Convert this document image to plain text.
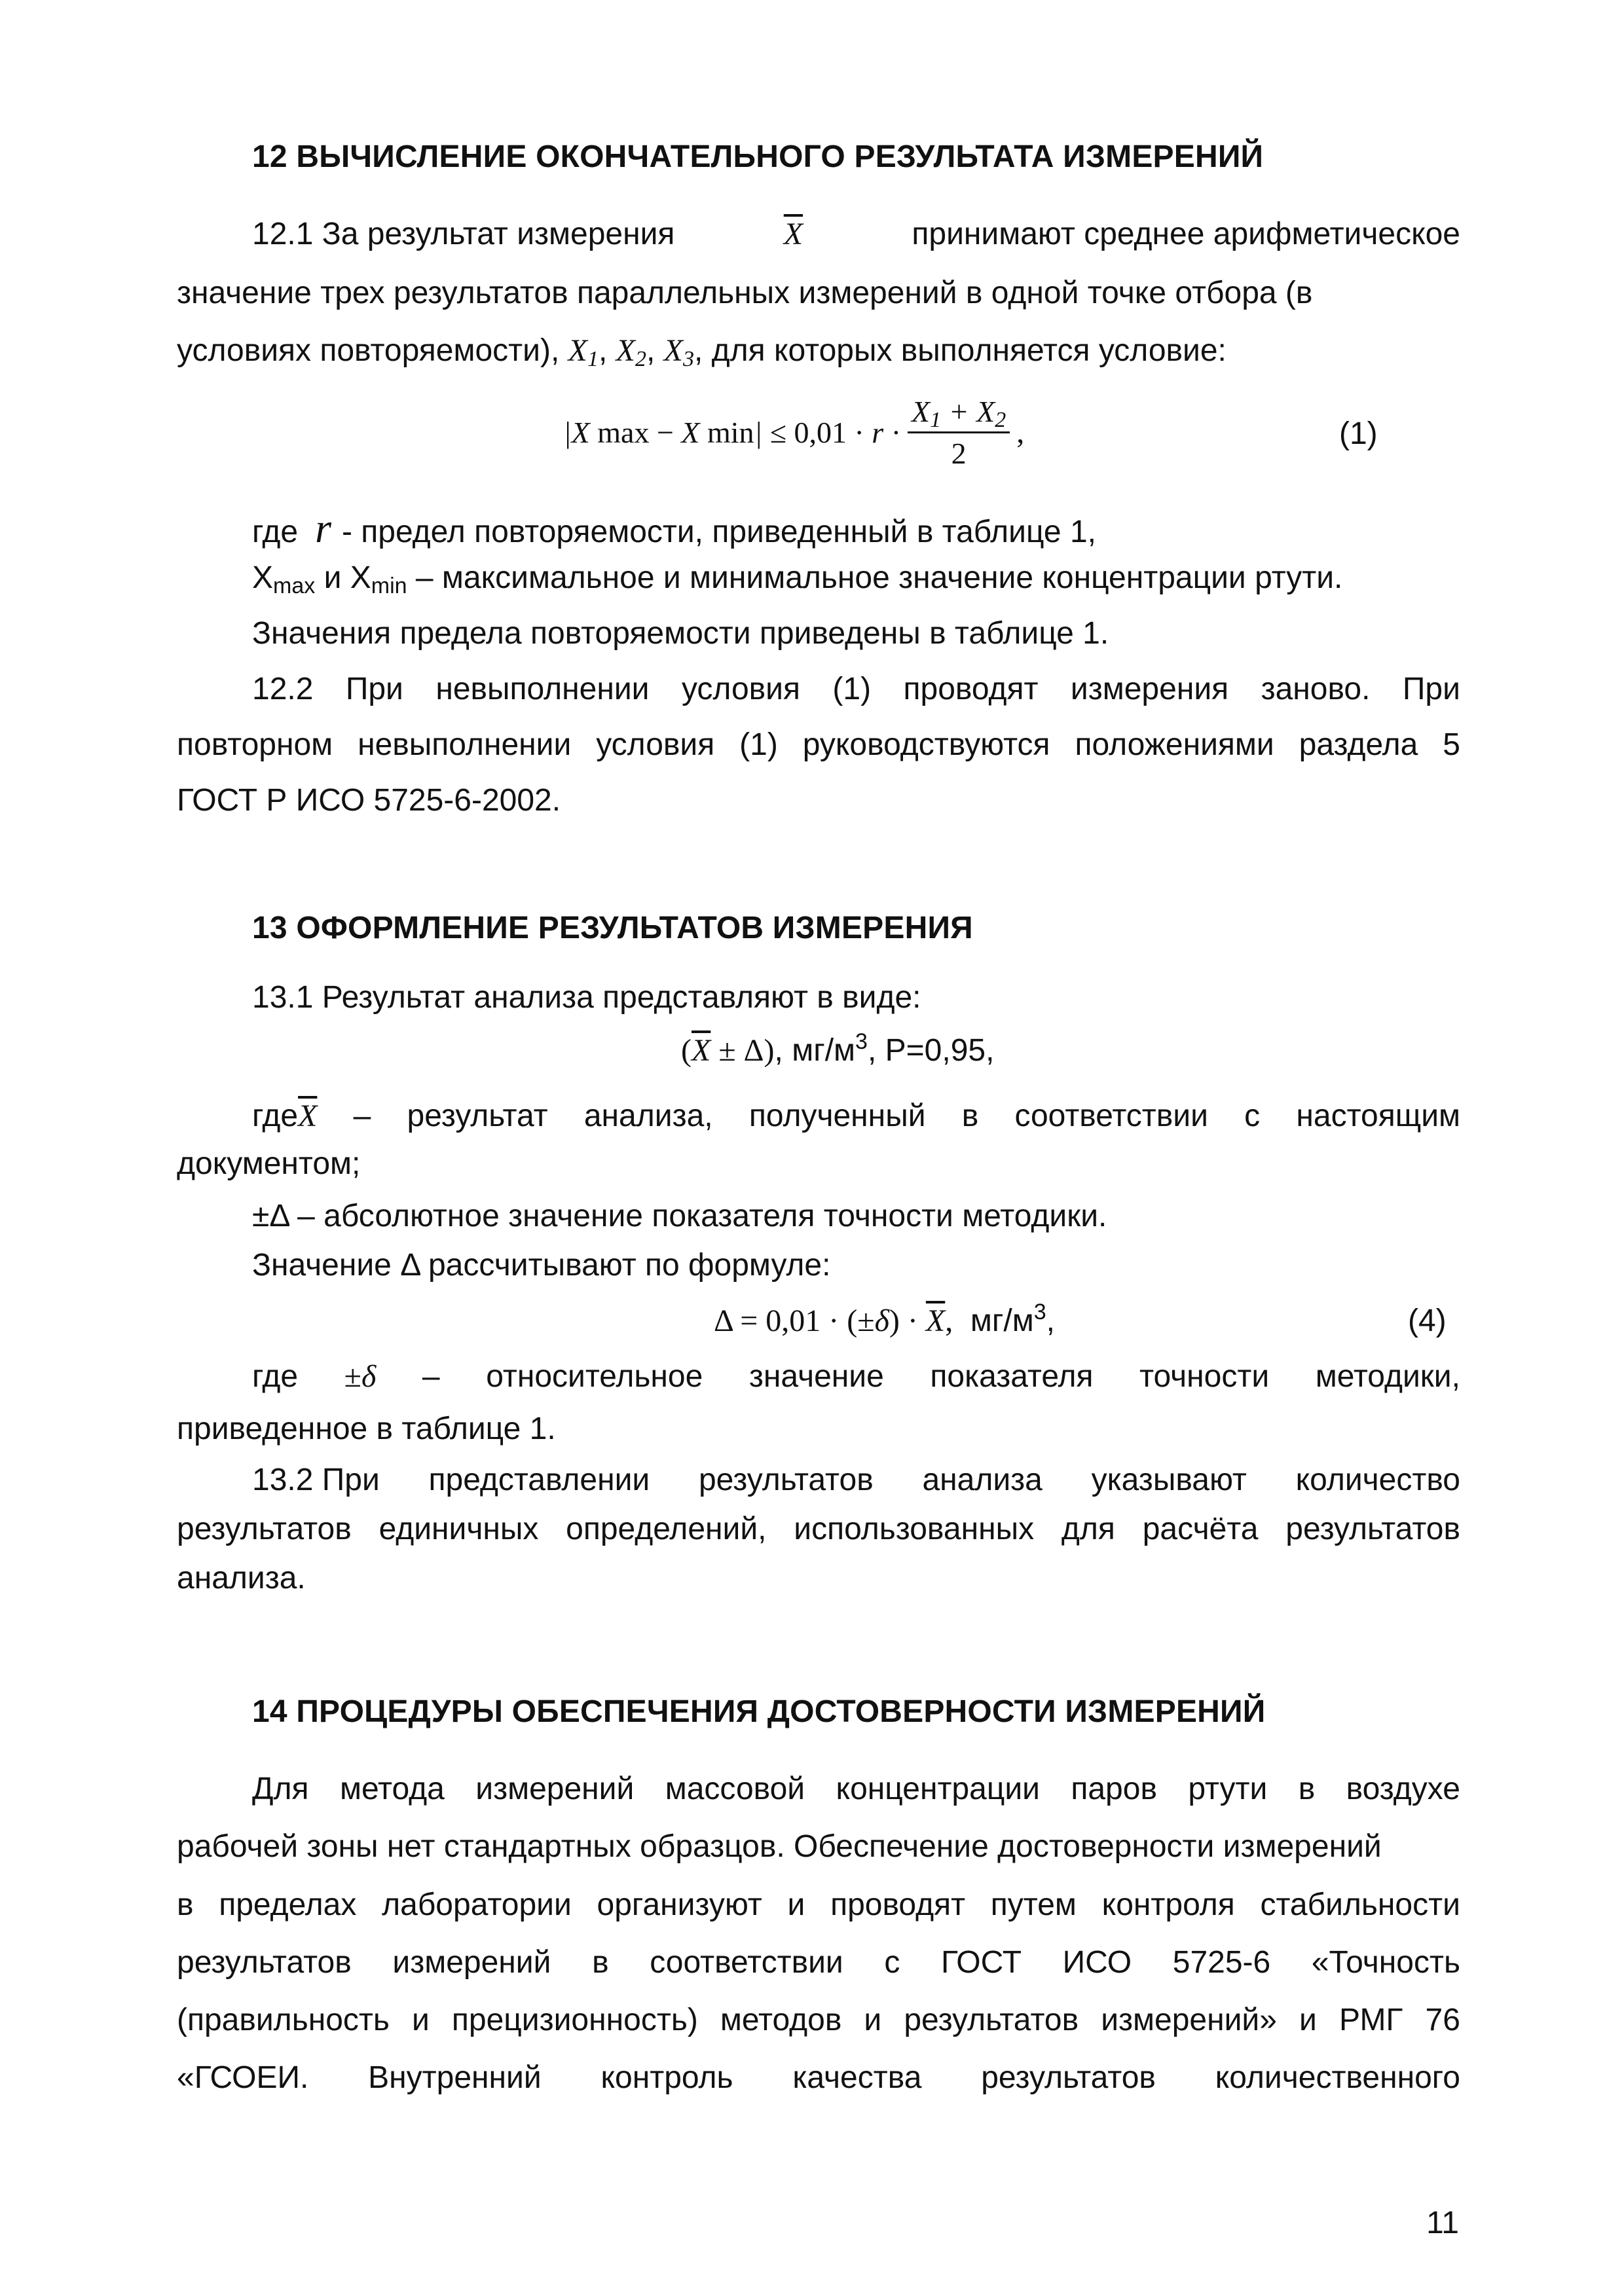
12 ВЫЧИСЛЕНИЕ ОКОНЧАТЕЛЬНОГО РЕЗУЛЬТАТА ИЗМЕРЕНИЙ
12.1 За результат измерения	$\overline{X}$	принимают среднее арифметическое
значение трех результатов параллельных измерений в одной точке отбора (в
условиях повторяемости), $X_1$, $X_2$, $X_3$, для которых выполняется условие:
|X max − X $\min| \le 0,01 \cdot r \cdot \frac{X_1 + X_2}{2}$ ,	(1)
где r - предел повторяемости, приведенный в таблице 1,
$X_{max}$ и $X_{min}$ – максимальное и минимальное значение концентрации ртути.
Значения предела повторяемости приведены в таблице 1.
12.2 При невыполнении условия (1) проводят измерения заново. При
повторном невыполнении условия (1) руководствуются положениями раздела 5
ГОСТ Р ИСО 5725-6-2002.
13 ОФОРМЛЕНИЕ РЕЗУЛЬТАТОВ ИЗМЕРЕНИЯ
13.1 Результат анализа представляют в виде:
$(\overline{X} \pm \Delta)$, $мг/м^3$, Р=0,95,
$где\overline{X}$ – результат анализа, полученный в соответствии с настоящим
документом;
±Δ – абсолютное значение показателя точности методики.
Значение Δ рассчитывают по формуле:
$\Delta = 0,01 \cdot (\pm\delta) \cdot \overline{X}$,  $мг/м^3$,	(4)
где ±δ – относительное значение показателя точности методики,
приведенное в таблице 1.
13.2 При представлении результатов анализа указывают количество
результатов единичных определений, использованных для расчёта результатов
анализа.
14 ПРОЦЕДУРЫ ОБЕСПЕЧЕНИЯ ДОСТОВЕРНОСТИ ИЗМЕРЕНИЙ
Для метода измерений массовой концентрации паров ртути в воздухе
рабочей зоны нет стандартных образцов. Обеспечение достоверности измерений
в пределах лаборатории организуют и проводят путем контроля стабильности
результатов измерений в соответствии с ГОСТ ИСО 5725-6 «Точность
(правильность и прецизионность) методов и результатов измерений» и РМГ 76
«ГСОЕИ. Внутренний контроль качества результатов количественного
11
